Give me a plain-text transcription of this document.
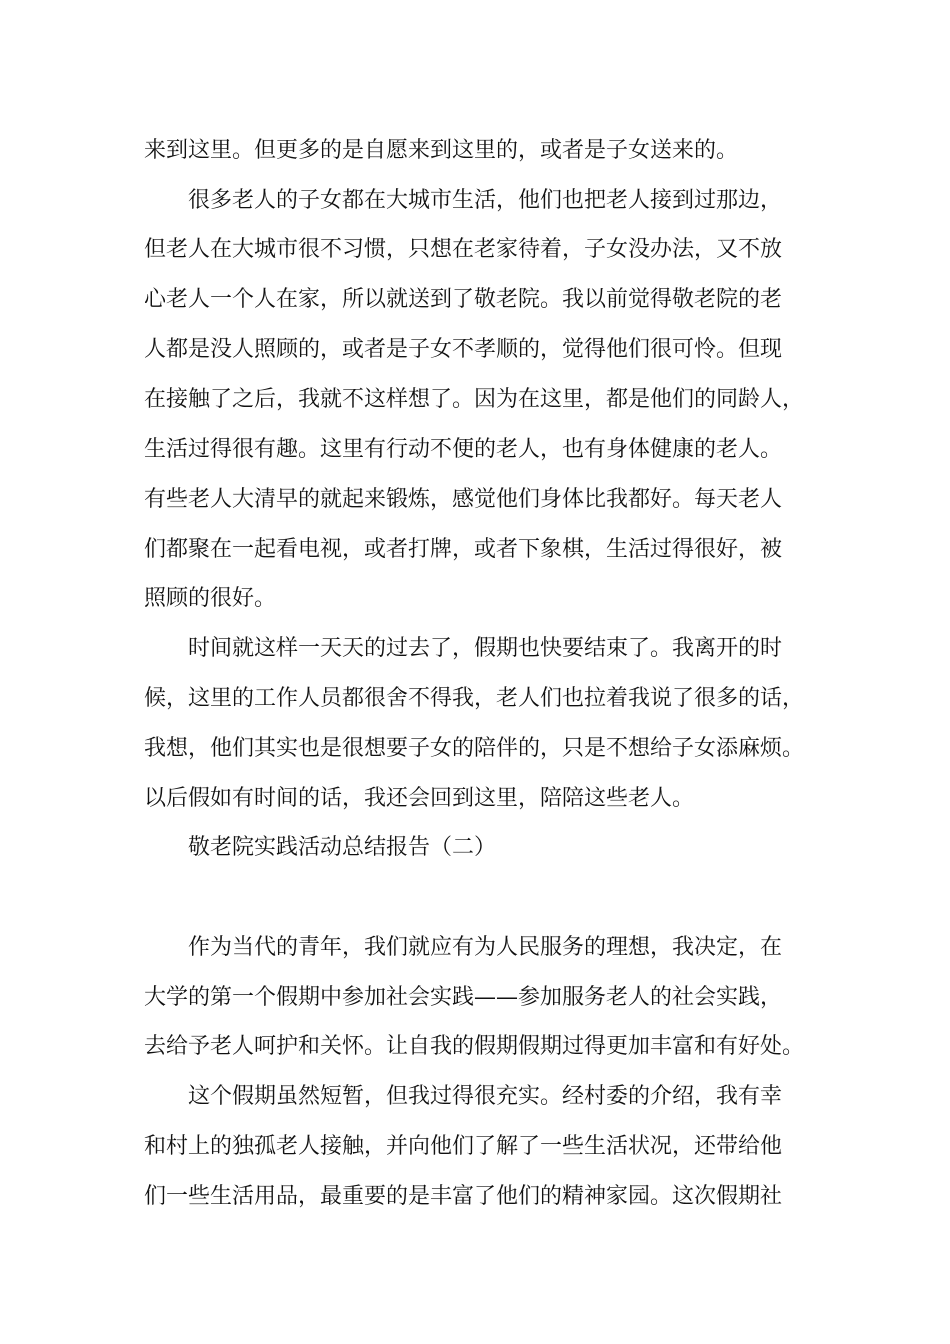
来到这里。但更多的是自愿来到这里的，或者是子女送来的。
很多老人的子女都在大城市生活，他们也把老人接到过那边，
但老人在大城市很不习惯，只想在老家待着，子女没办法，又不放
心老人一个人在家，所以就送到了敬老院。我以前觉得敬老院的老
人都是没人照顾的，或者是子女不孝顺的，觉得他们很可怜。但现
在接触了之后，我就不这样想了。因为在这里，都是他们的同龄人，
生活过得很有趣。这里有行动不便的老人，也有身体健康的老人。
有些老人大清早的就起来锻炼，感觉他们身体比我都好。每天老人
们都聚在一起看电视，或者打牌，或者下象棋，生活过得很好，被
照顾的很好。
时间就这样一天天的过去了，假期也快要结束了。我离开的时
候，这里的工作人员都很舍不得我，老人们也拉着我说了很多的话，
我想，他们其实也是很想要子女的陪伴的，只是不想给子女添麻烦。
以后假如有时间的话，我还会回到这里，陪陪这些老人。
敬老院实践活动总结报告（二）
作为当代的青年，我们就应有为人民服务的理想，我决定，在
大学的第一个假期中参加社会实践——参加服务老人的社会实践，
去给予老人呵护和关怀。让自我的假期假期过得更加丰富和有好处。
这个假期虽然短暂，但我过得很充实。经村委的介绍，我有幸
和村上的独孤老人接触，并向他们了解了一些生活状况，还带给他
们一些生活用品，最重要的是丰富了他们的精神家园。这次假期社
